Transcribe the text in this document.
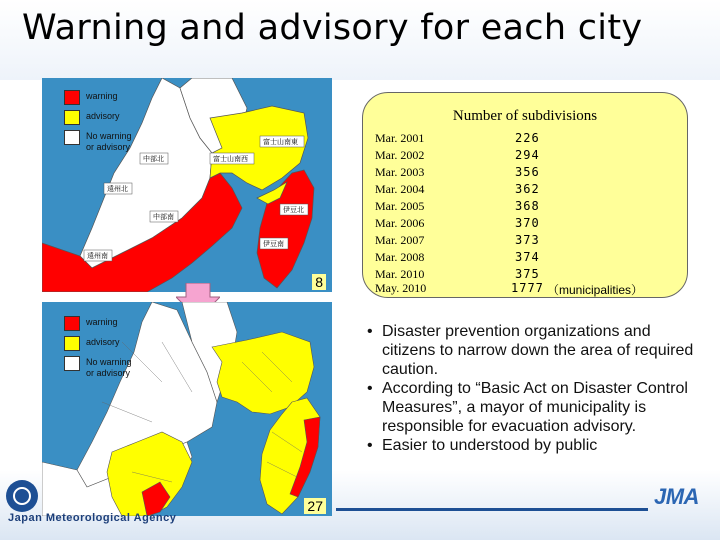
Warning and advisory for each city
中部北
遠州北
中部南
遠州南
富士山南西
富士山南東
伊豆北
伊豆南
warning
advisory
No warning
or advisory
8
warning
advisory
No warning
or advisory
27
Number of subdivisions
Mar. 2001	226
Mar. 2002	294
Mar. 2003	356
Mar. 2004	362
Mar. 2005	368
Mar. 2006	370
Mar. 2007	373
Mar. 2008	374
Mar. 2010	375
May. 2010	1777 （municipalities）
• Disaster prevention organizations and citizens to narrow down the area of required caution.
• According to “Basic Act on Disaster Control Measures”, a mayor of municipality is responsible for evacuation advisory.
• Easier to understood by public
Japan Meteorological Agency
JMA
